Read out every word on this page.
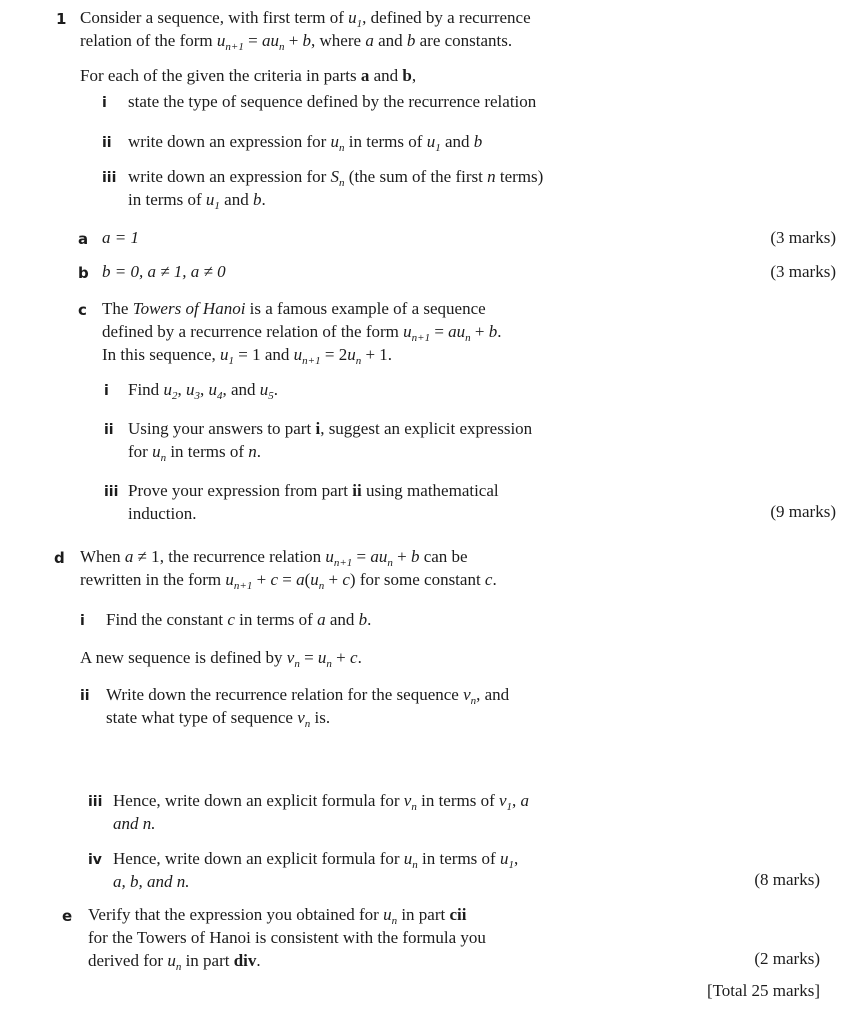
1 Consider a sequence, with first term of $u_1$, defined by a recurrence
relation of the form $u_{n+1} = au_n + b$, where a and b are constants.
For each of the given the criteria in parts a and b,
i state the type of sequence defined by the recurrence relation
ii write down an expression for $u_n$ in terms of $u_1$ and b
iii write down an expression for $S_n$ (the sum of the first n terms)
in terms of $u_1$ and b.
a a = 1	(3 marks)
b b = 0, a ≠ 1, a ≠ 0	(3 marks)
c The Towers of Hanoi is a famous example of a sequence
defined by a recurrence relation of the form $u_{n+1} = au_n + b$.
In this sequence, $u_1 = 1$ and $u_{n+1} = 2u_n + 1$.
i Find $u_2$, $u_3$, $u_4$, and $u_5$.
ii Using your answers to part i, suggest an explicit expression
for $u_n$ in terms of n.
iii Prove your expression from part ii using mathematical
induction.	(9 marks)
d When a ≠ 1, the recurrence relation $u_{n+1} = au_n + b$ can be
rewritten in the form $u_{n+1} + c = a(u_n + c)$ for some constant c.
i Find the constant c in terms of a and b.
A new sequence is defined by $v_n = u_n + c$.
ii Write down the recurrence relation for the sequence $v_n$, and
state what type of sequence $v_n$ is.
iii Hence, write down an explicit formula for $v_n$ in terms of $v_1$, a
and n.
iv Hence, write down an explicit formula for $u_n$ in terms of $u_1$,
a, b, and n.	(8 marks)
e Verify that the expression you obtained for $u_n$ in part cii
for the Towers of Hanoi is consistent with the formula you
derived for $u_n$ in part div.	(2 marks)
[Total 25 marks]
